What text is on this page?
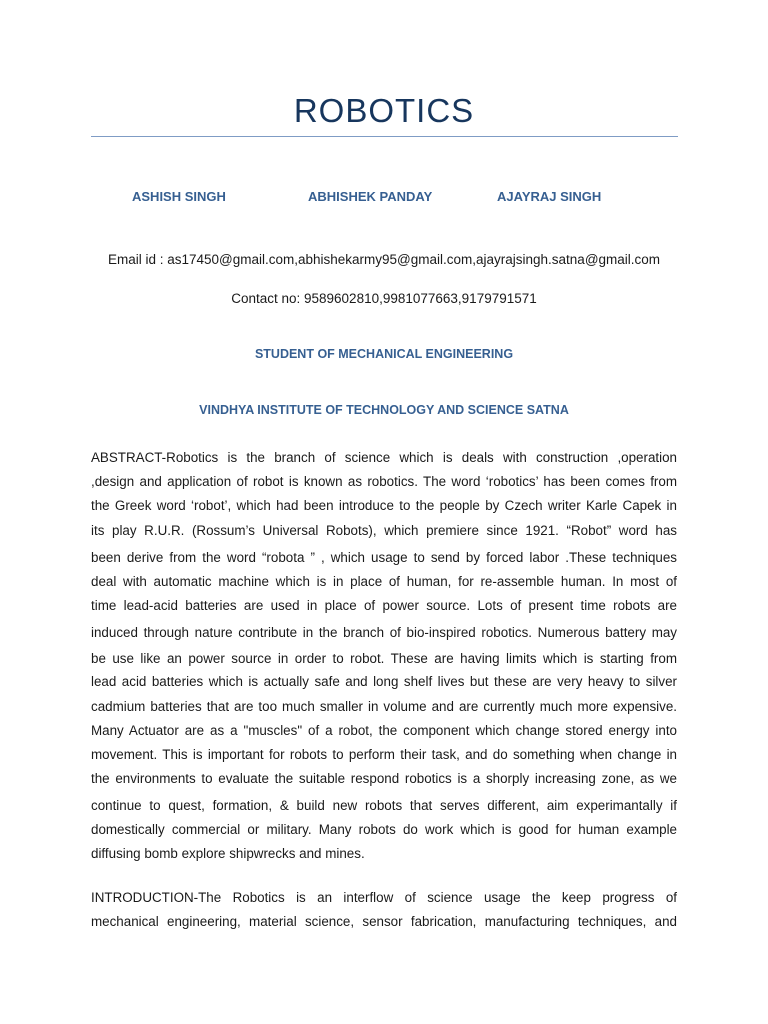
ROBOTICS
ASHISH SINGH	ABHISHEK PANDAY	AJAYRAJ SINGH
Email id : as17450@gmail.com,abhishekarmy95@gmail.com,ajayrajsingh.satna@gmail.com
Contact no: 9589602810,9981077663,9179791571
STUDENT OF MECHANICAL ENGINEERING
VINDHYA INSTITUTE OF TECHNOLOGY AND SCIENCE SATNA
ABSTRACT-Robotics is the branch of science which is deals with construction ,operation
,design and application of robot is known as robotics. The word ‘robotics’ has been comes from
the Greek word ‘robot’, which had been introduce to the people by Czech writer Karle Capek in
its play R.U.R. (Rossum’s Universal Robots), which premiere since 1921. “Robot” word has
been derive from the word “robota ” , which usage to send by forced labor .These techniques
deal with automatic machine which is in place of human, for re-assemble human. In most of
time lead-acid batteries are used in place of power source. Lots of present time robots are
induced through nature contribute in the branch of bio-inspired robotics. Numerous battery may
be use like an power source in order to robot. These are having limits which is starting from
lead acid batteries which is actually safe and long shelf lives but these are very heavy to silver
cadmium batteries that are too much smaller in volume and are currently much more expensive.
Many Actuator are as a "muscles" of a robot, the component which change stored energy into
movement. This is important for robots to perform their task, and do something when change in
the environments to evaluate the suitable respond robotics is a shorply increasing zone, as we
continue to quest, formation, & build new robots that serves different, aim experimantally if
domestically commercial or military. Many robots do work which is good for human example
diffusing bomb explore shipwrecks and mines.
INTRODUCTION-The Robotics is an interflow of science usage the keep progress of
mechanical engineering, material science, sensor fabrication, manufacturing techniques, and
